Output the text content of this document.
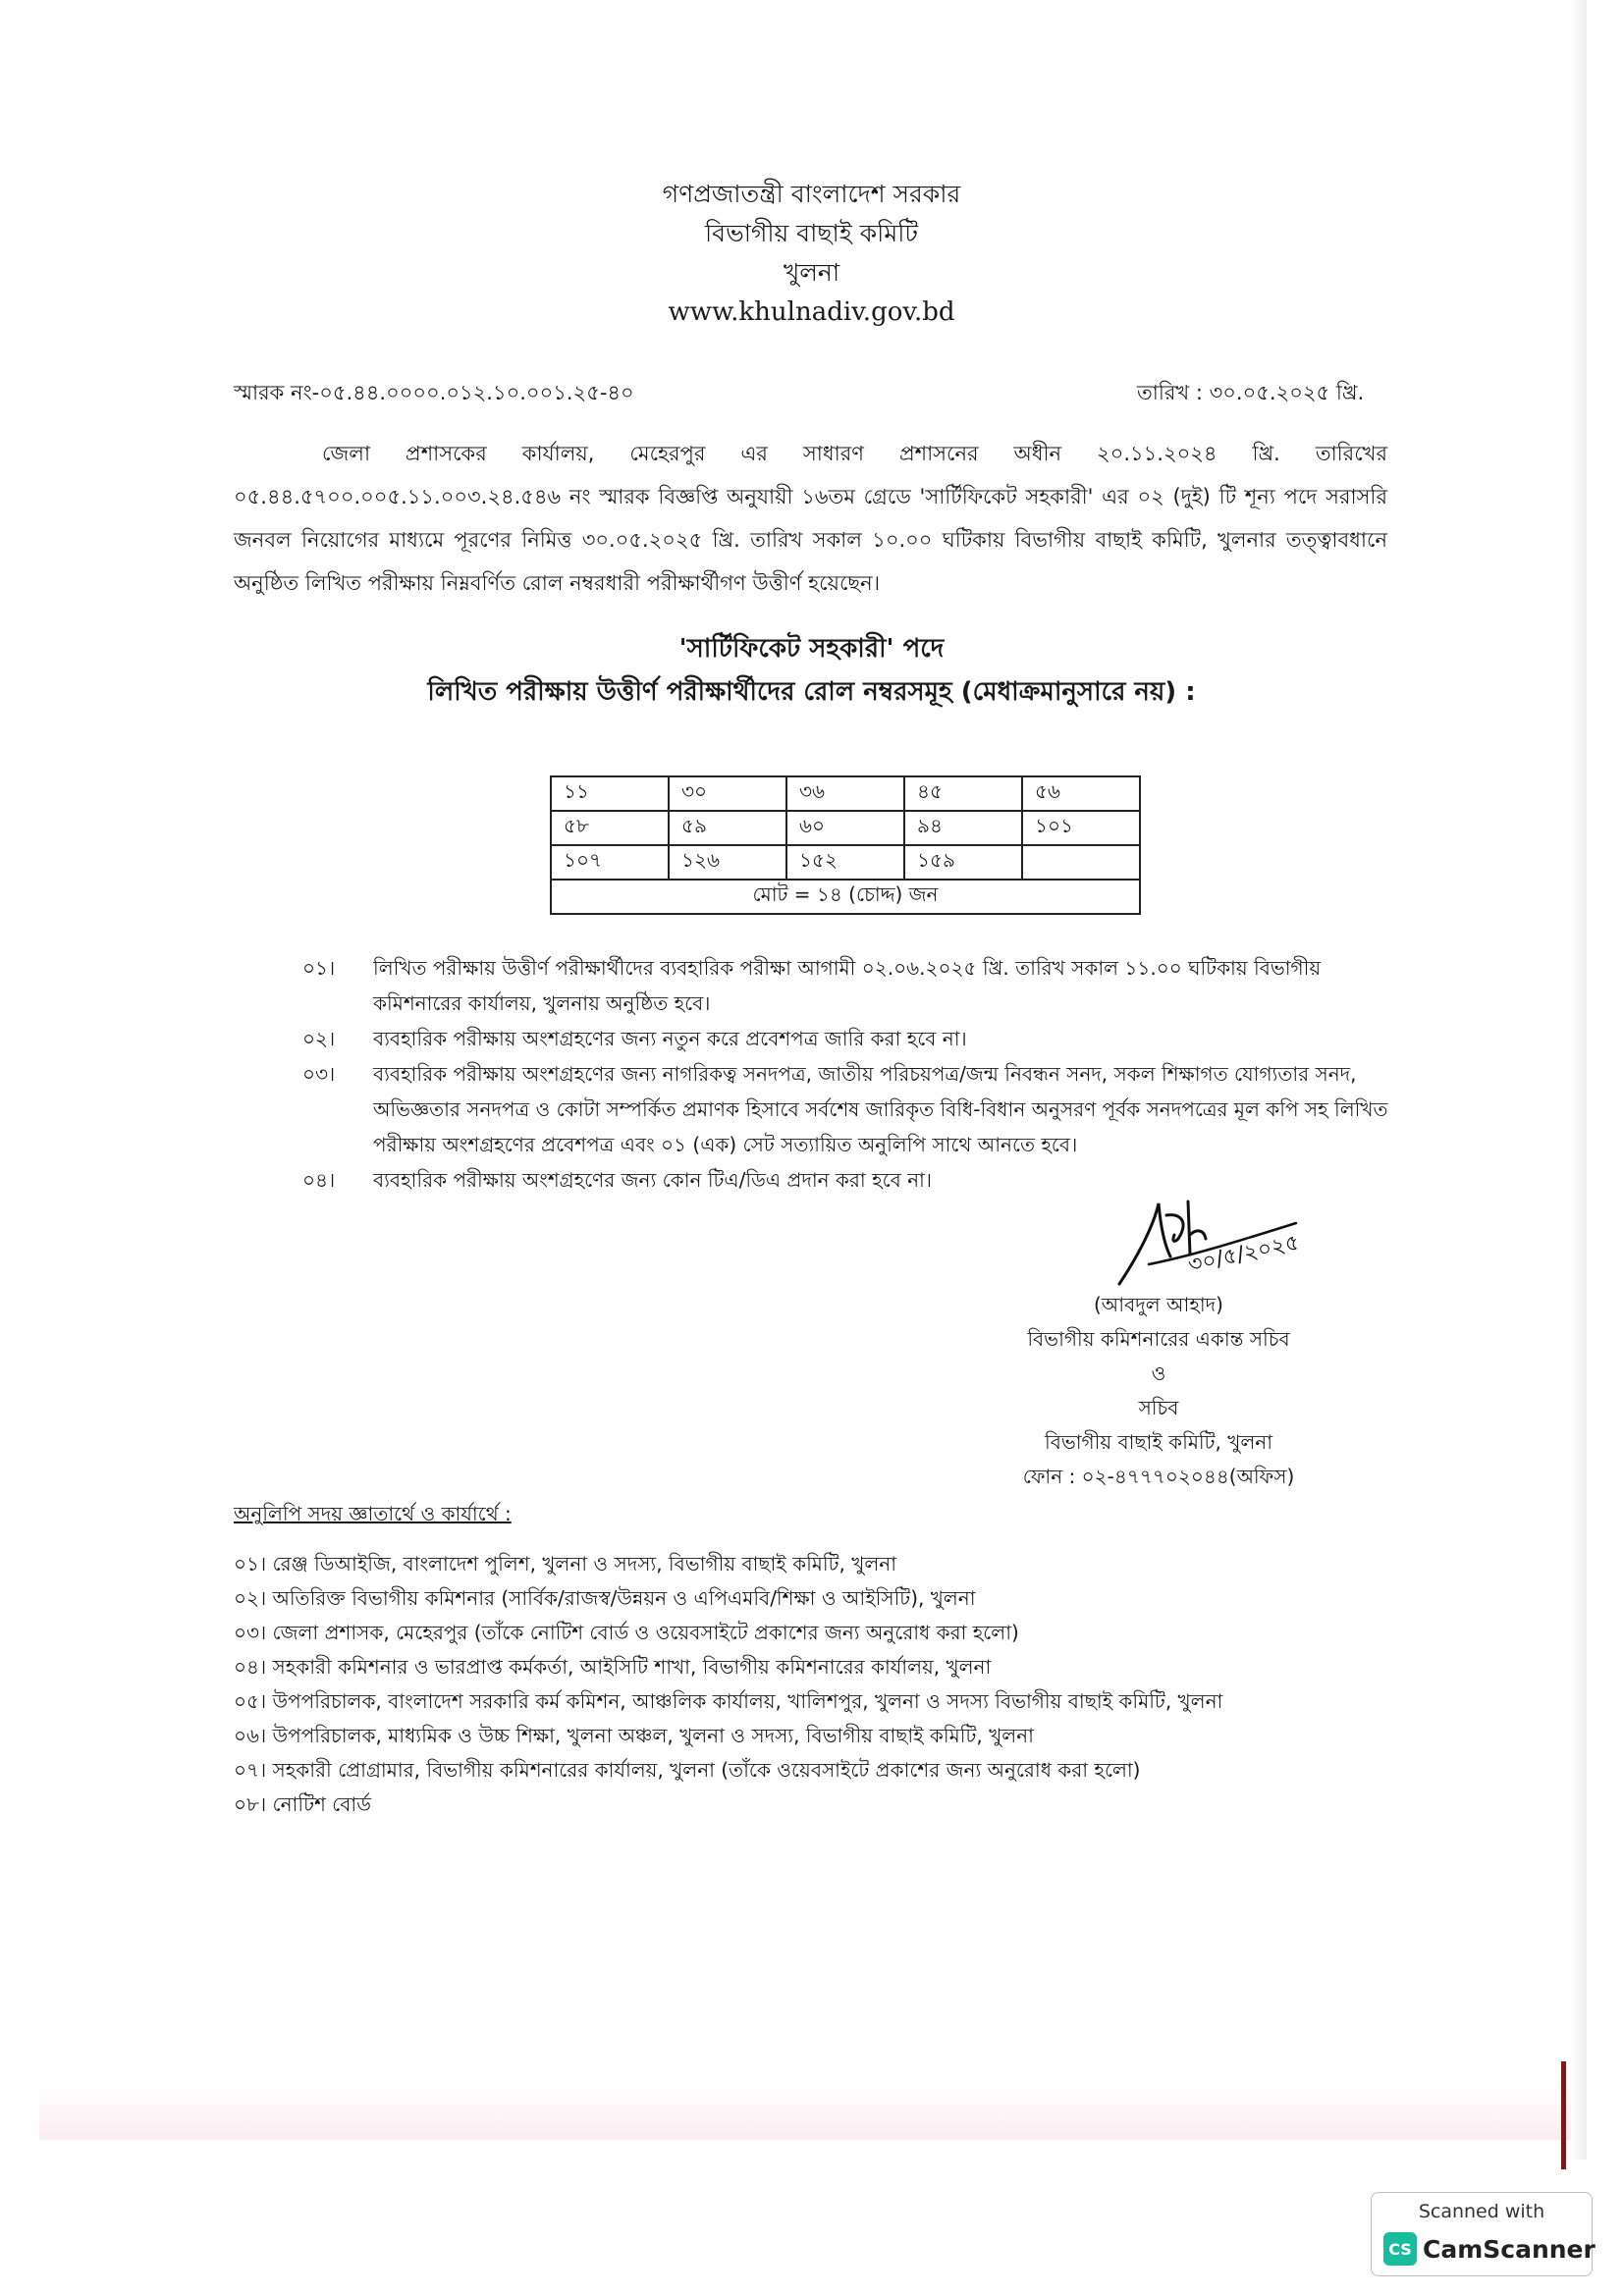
গণপ্রজাতন্ত্রী বাংলাদেশ সরকার
বিভাগীয় বাছাই কমিটি
খুলনা
www.khulnadiv.gov.bd
স্মারক নং-০৫.৪৪.০০০০.০১২.১০.০০১.২৫-৪০	তারিখ : ৩০.০৫.২০২৫ খ্রি.
জেলা প্রশাসকের কার্যালয়, মেহেরপুর এর সাধারণ প্রশাসনের অধীন ২০.১১.২০২৪ খ্রি. তারিখের ০৫.৪৪.৫৭০০.০০৫.১১.০০৩.২৪.৫৪৬ নং স্মারক বিজ্ঞপ্তি অনুযায়ী ১৬তম গ্রেডে 'সার্টিফিকেট সহকারী' এর ০২ (দুই) টি শূন্য পদে সরাসরি জনবল নিয়োগের মাধ্যমে পূরণের নিমিত্ত ৩০.০৫.২০২৫ খ্রি. তারিখ সকাল ১০.০০ ঘটিকায় বিভাগীয় বাছাই কমিটি, খুলনার তত্ত্বাবধানে অনুষ্ঠিত লিখিত পরীক্ষায় নিম্নবর্ণিত রোল নম্বরধারী পরীক্ষার্থীগণ উত্তীর্ণ হয়েছেন।
'সার্টিফিকেট সহকারী' পদে
লিখিত পরীক্ষায় উত্তীর্ণ পরীক্ষার্থীদের রোল নম্বরসমূহ (মেধাক্রমানুসারে নয়) :
১১	৩০	৩৬	৪৫	৫৬
৫৮	৫৯	৬০	৯৪	১০১
১০৭	১২৬	১৫২	১৫৯	
মোট = ১৪ (চোদ্দ) জন				
০১। লিখিত পরীক্ষায় উত্তীর্ণ পরীক্ষার্থীদের ব্যবহারিক পরীক্ষা আগামী ০২.০৬.২০২৫ খ্রি. তারিখ সকাল ১১.০০ ঘটিকায় বিভাগীয় কমিশনারের কার্যালয়, খুলনায় অনুষ্ঠিত হবে।
০২। ব্যবহারিক পরীক্ষায় অংশগ্রহণের জন্য নতুন করে প্রবেশপত্র জারি করা হবে না।
০৩। ব্যবহারিক পরীক্ষায় অংশগ্রহণের জন্য নাগরিকত্ব সনদপত্র, জাতীয় পরিচয়পত্র/জন্ম নিবন্ধন সনদ, সকল শিক্ষাগত যোগ্যতার সনদ, অভিজ্ঞতার সনদপত্র ও কোটা সম্পর্কিত প্রমাণক হিসাবে সর্বশেষ জারিকৃত বিধি-বিধান অনুসরণ পূর্বক সনদপত্রের মূল কপি সহ লিখিত পরীক্ষায় অংশগ্রহণের প্রবেশপত্র এবং ০১ (এক) সেট সত্যায়িত অনুলিপি সাথে আনতে হবে।
০৪। ব্যবহারিক পরীক্ষায় অংশগ্রহণের জন্য কোন টিএ/ডিএ প্রদান করা হবে না।
৩০/৫/২০২৫
(আবদুল আহাদ)
বিভাগীয় কমিশনারের একান্ত সচিব
ও
সচিব
বিভাগীয় বাছাই কমিটি, খুলনা
ফোন : ০২-৪৭৭৭০২০৪৪(অফিস)
অনুলিপি সদয় জ্ঞাতার্থে ও কার্যার্থে :
০১। রেঞ্জ ডিআইজি, বাংলাদেশ পুলিশ, খুলনা ও সদস্য, বিভাগীয় বাছাই কমিটি, খুলনা
০২। অতিরিক্ত বিভাগীয় কমিশনার (সার্বিক/রাজস্ব/উন্নয়ন ও এপিএমবি/শিক্ষা ও আইসিটি), খুলনা
০৩। জেলা প্রশাসক, মেহেরপুর (তাঁকে নোটিশ বোর্ড ও ওয়েবসাইটে প্রকাশের জন্য অনুরোধ করা হলো)
০৪। সহকারী কমিশনার ও ভারপ্রাপ্ত কর্মকর্তা, আইসিটি শাখা, বিভাগীয় কমিশনারের কার্যালয়, খুলনা
০৫। উপপরিচালক, বাংলাদেশ সরকারি কর্ম কমিশন, আঞ্চলিক কার্যালয়, খালিশপুর, খুলনা ও সদস্য বিভাগীয় বাছাই কমিটি, খুলনা
০৬। উপপরিচালক, মাধ্যমিক ও উচ্চ শিক্ষা, খুলনা অঞ্চল, খুলনা ও সদস্য, বিভাগীয় বাছাই কমিটি, খুলনা
০৭। সহকারী প্রোগ্রামার, বিভাগীয় কমিশনারের কার্যালয়, খুলনা (তাঁকে ওয়েবসাইটে প্রকাশের জন্য অনুরোধ করা হলো)
০৮। নোটিশ বোর্ড
Scanned with
CS CamScanner
